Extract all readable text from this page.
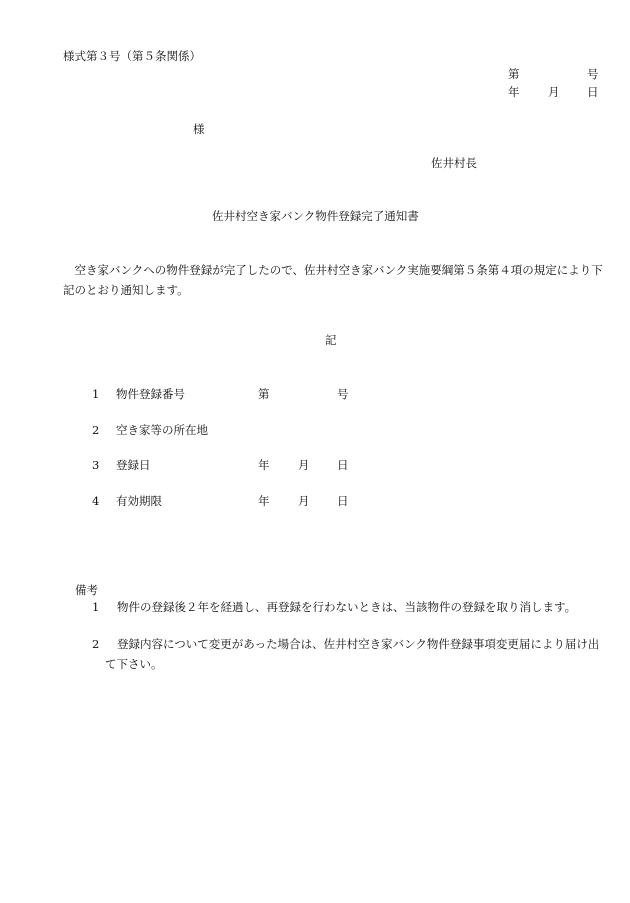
様式第３号（第５条関係）
第	号
年 月 日
様
佐井村長
佐井村空き家バンク物件登録完了通知書
空き家バンクへの物件登録が完了したので、佐井村空き家バンク実施要綱第５条第４項の規定により下記のとおり通知します。
記
1 物件登録番号	第	号
2 空き家等の所在地
3 登録日	年 月 日
4 有効期限	年 月 日
備考
1	物件の登録後２年を経過し、再登録を行わないときは、当該物件の登録を取り消します。
2	登録内容について変更があった場合は、佐井村空き家バンク物件登録事項変更届により届け出て下さい。
